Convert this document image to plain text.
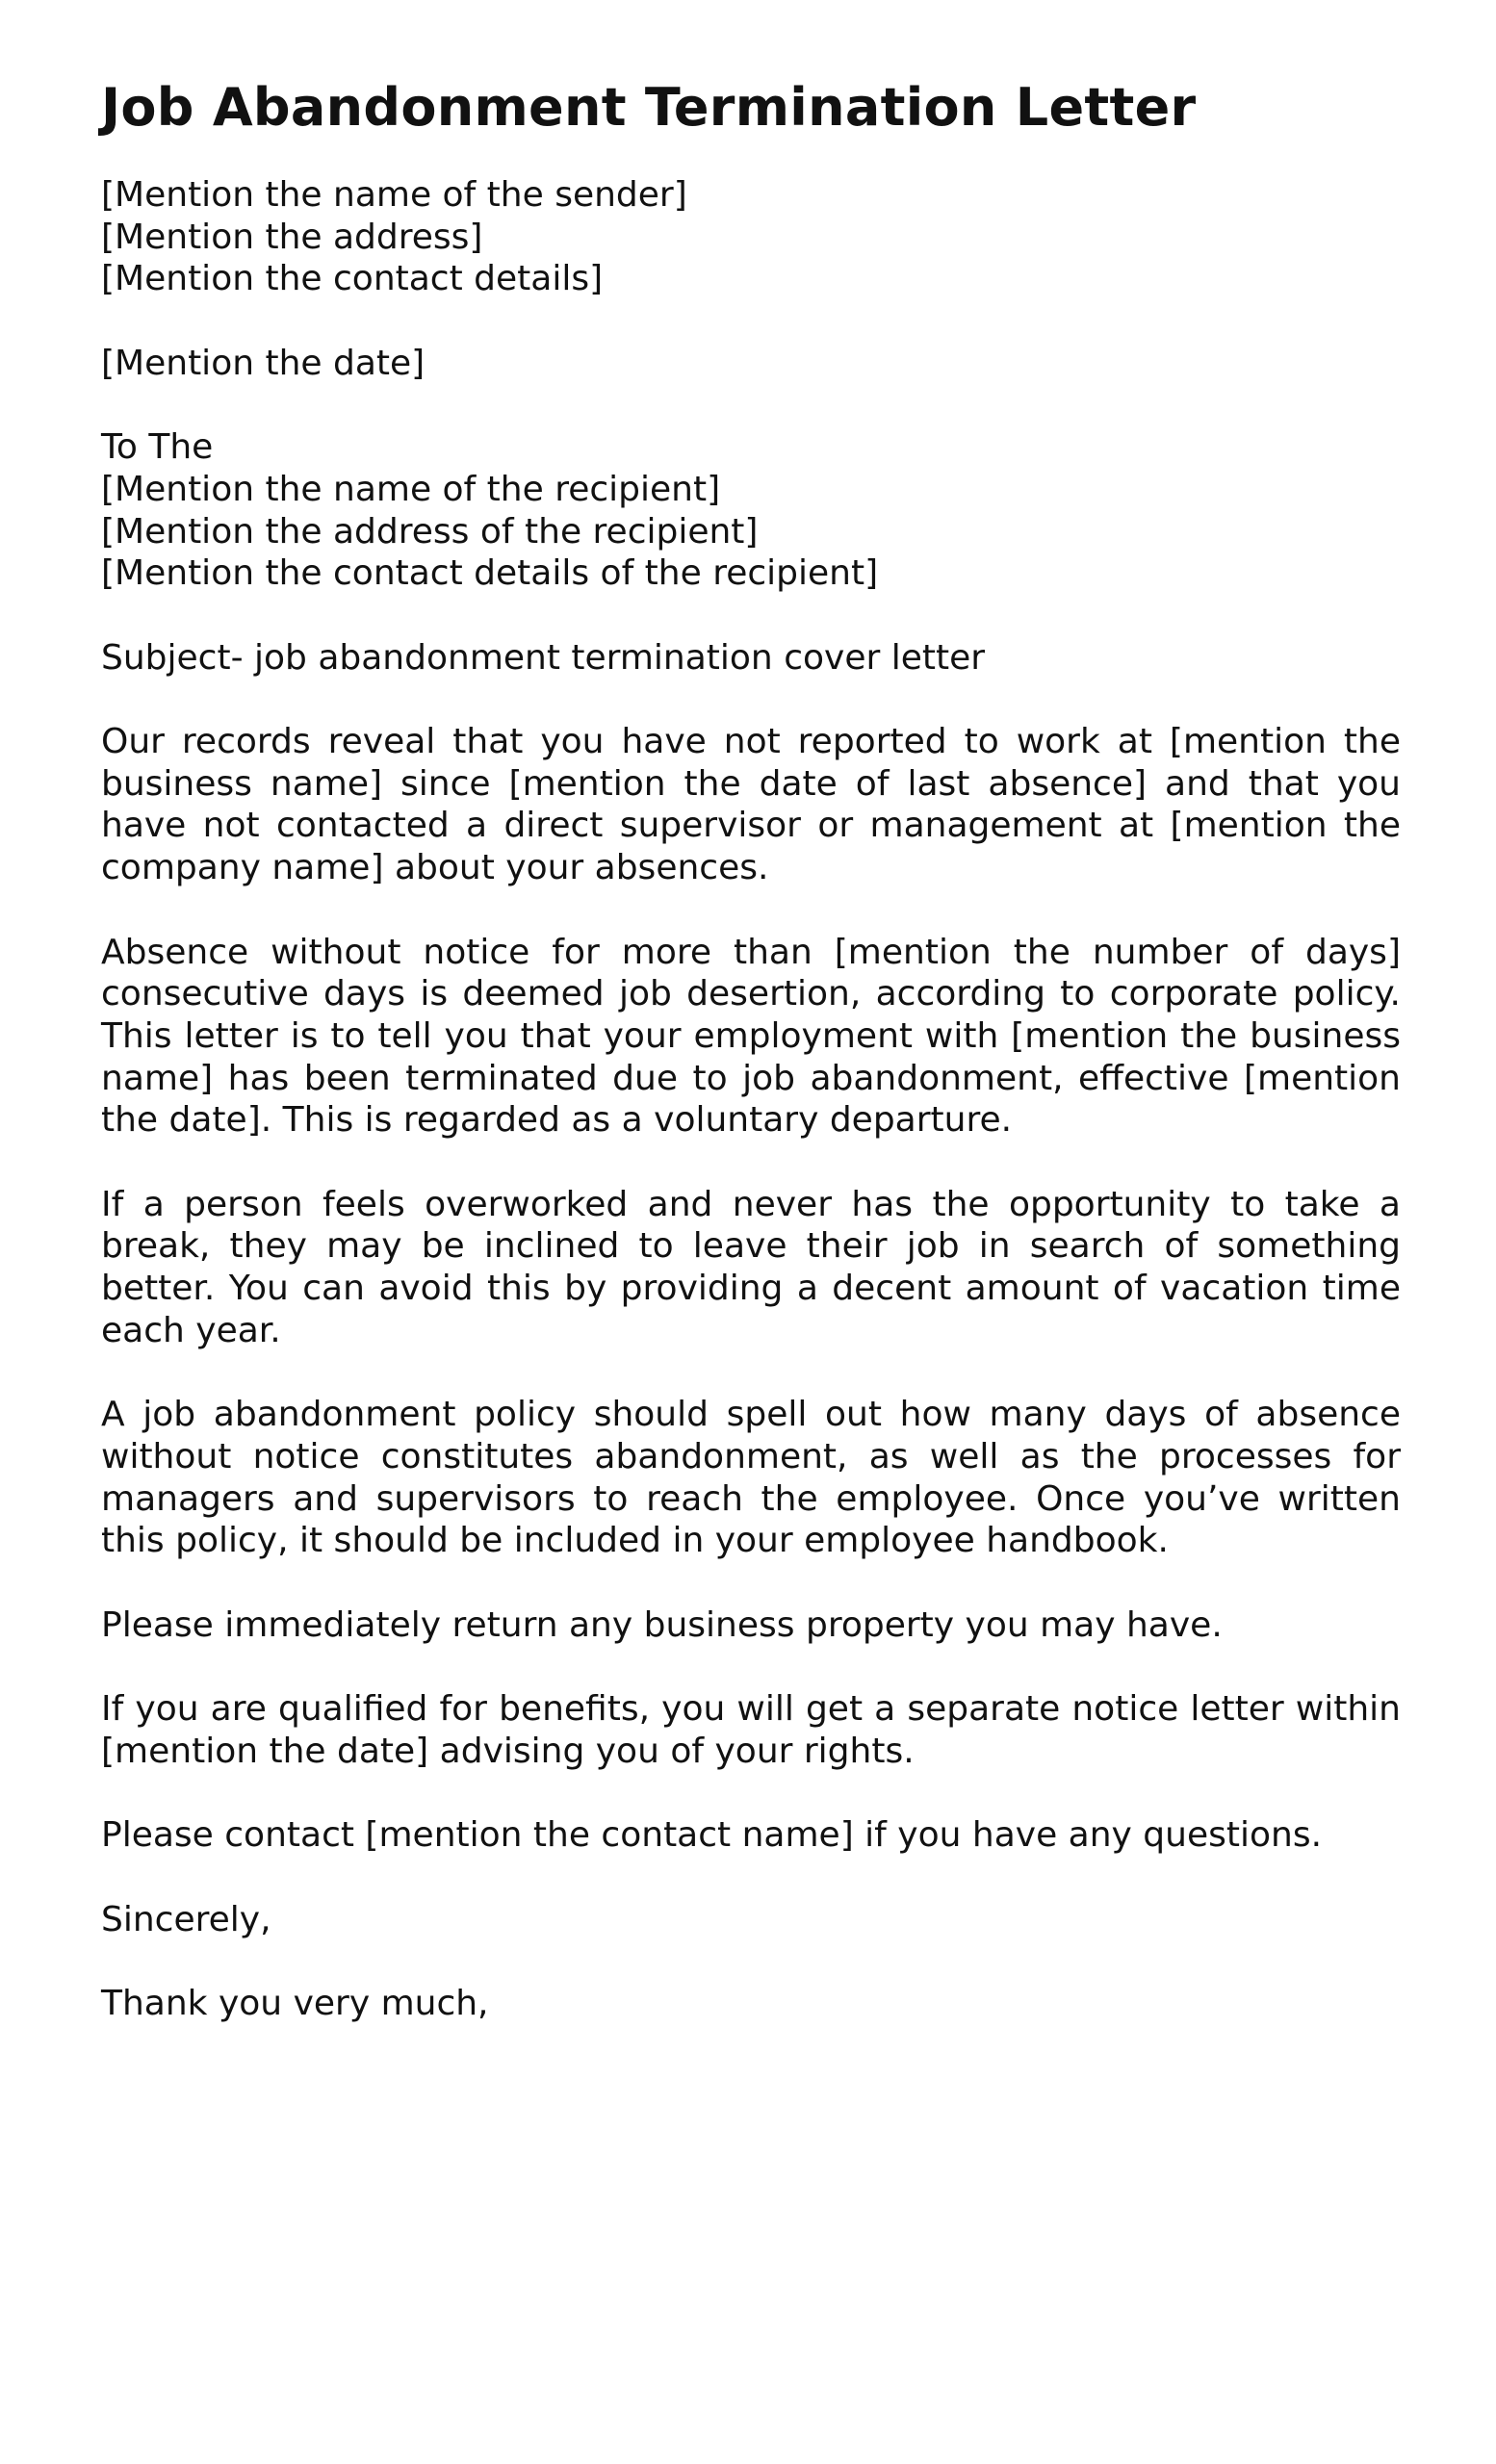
Job Abandonment Termination Letter
[Mention the name of the sender]
[Mention the address]
[Mention the contact details]
[Mention the date]
To The
[Mention the name of the recipient]
[Mention the address of the recipient]
[Mention the contact details of the recipient]
Subject- job abandonment termination cover letter

Our records reveal that you have not reported to work at [mention the business name] since [mention the date of last absence] and that you have not contacted a direct supervisor or management at [mention the company name] about your absences.

Absence without notice for more than [mention the number of days] consecutive days is deemed job desertion, according to corporate policy. This letter is to tell you that your employment with [mention the business name] has been terminated due to job abandonment, effective [mention the date]. This is regarded as a voluntary departure.

If a person feels overworked and never has the opportunity to take a break, they may be inclined to leave their job in search of something better. You can avoid this by providing a decent amount of vacation time each year.

A job abandonment policy should spell out how many days of absence without notice constitutes abandonment, as well as the processes for managers and supervisors to reach the employee. Once you’ve written this policy, it should be included in your employee handbook.

Please immediately return any business property you may have.

If you are qualified for benefits, you will get a separate notice letter within [mention the date] advising you of your rights.

Please contact [mention the contact name] if you have any questions.

Sincerely,
Thank you very much,
